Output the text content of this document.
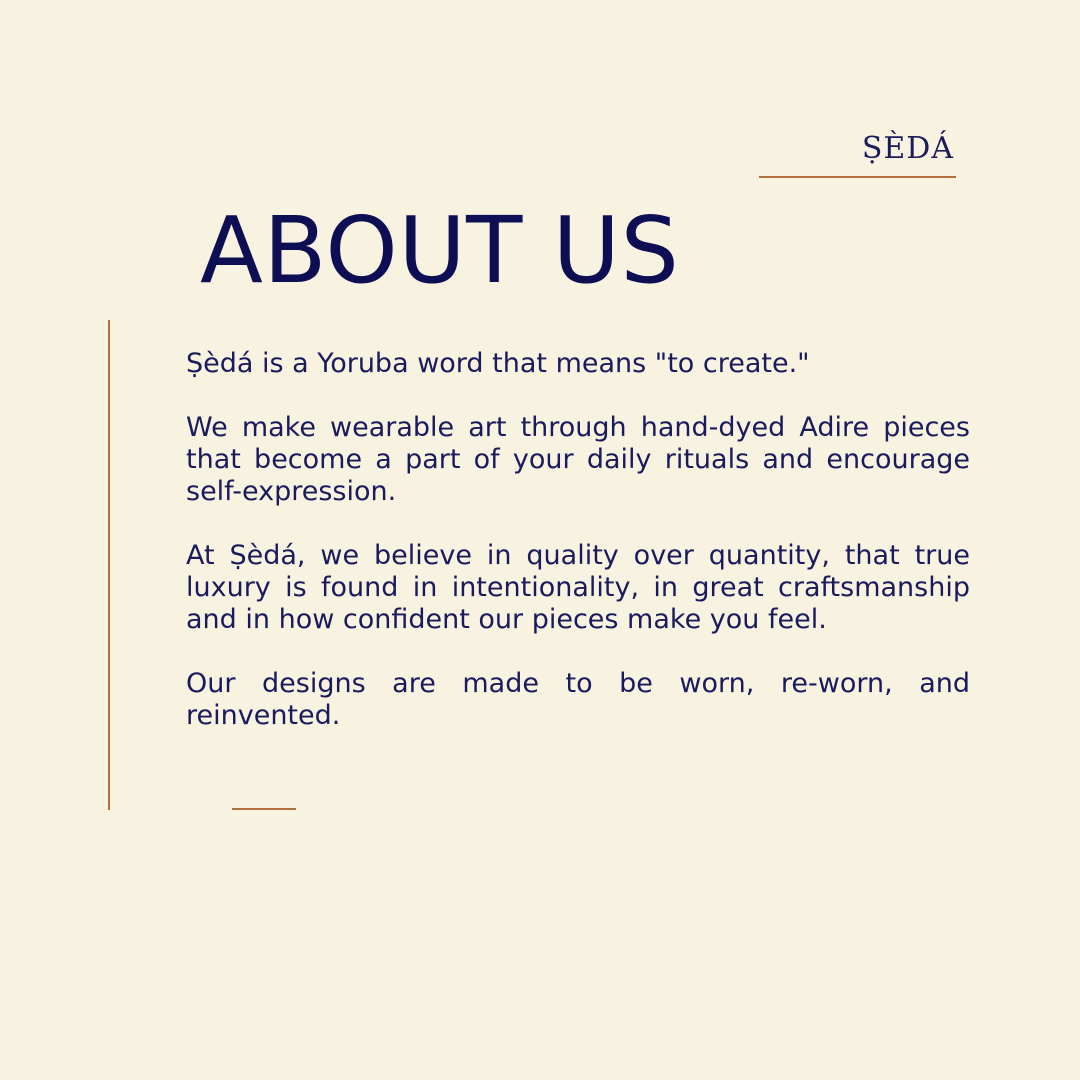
ṢÈDÁ
ABOUT US

Ṣèdá is a Yoruba word that means "to create."

We make wearable art through hand-dyed Adire pieces that become a part of your daily rituals and encourage self-expression.

At Ṣèdá, we believe in quality over quantity, that true luxury is found in intentionality, in great craftsmanship and in how confident our pieces make you feel.

Our designs are made to be worn, re-worn, and reinvented.
